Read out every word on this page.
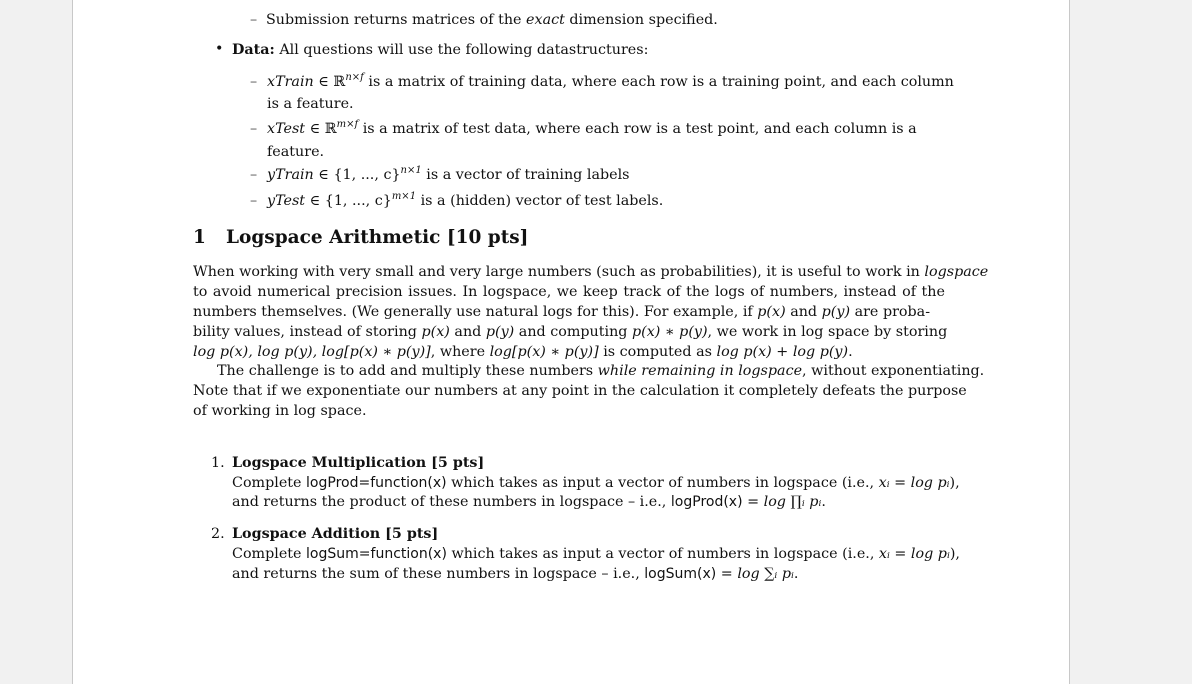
– Submission returns matrices of the exact dimension specified.
• Data: All questions will use the following datastructures:
– xTrain ∈ ℝ$^{n\times f}$ is a matrix of training data, where each row is a training point, and each column
is a feature.
– xTest ∈ ℝ$^{m\times f}$ is a matrix of test data, where each row is a test point, and each column is a
feature.
– yTrain ∈ {1, ..., c}$^{n\times 1}$ is a vector of training labels
– yTest ∈ {1, ..., c}$^{m\times 1}$ is a (hidden) vector of test labels.
1 Logspace Arithmetic [10 pts]
When working with very small and very large numbers (such as probabilities), it is useful to work in logspace
to avoid numerical precision issues. In logspace, we keep track of the logs of numbers, instead of the
numbers themselves. (We generally use natural logs for this). For example, if p(x) and p(y) are proba-
bility values, instead of storing p(x) and p(y) and computing p(x) ∗ p(y), we work in log space by storing
log p(x), log p(y), log[p(x) ∗ p(y)], where log[p(x) ∗ p(y)] is computed as log p(x) + log p(y).
The challenge is to add and multiply these numbers while remaining in logspace, without exponentiating.
Note that if we exponentiate our numbers at any point in the calculation it completely defeats the purpose
of working in log space.
1. Logspace Multiplication [5 pts]
Complete logProd=function(x) which takes as input a vector of numbers in logspace (i.e., xᵢ = log pᵢ),
and returns the product of these numbers in logspace – i.e., logProd(x) = log ∏ᵢ pᵢ.
2. Logspace Addition [5 pts]
Complete logSum=function(x) which takes as input a vector of numbers in logspace (i.e., xᵢ = log pᵢ),
and returns the sum of these numbers in logspace – i.e., logSum(x) = log ∑ᵢ pᵢ.
